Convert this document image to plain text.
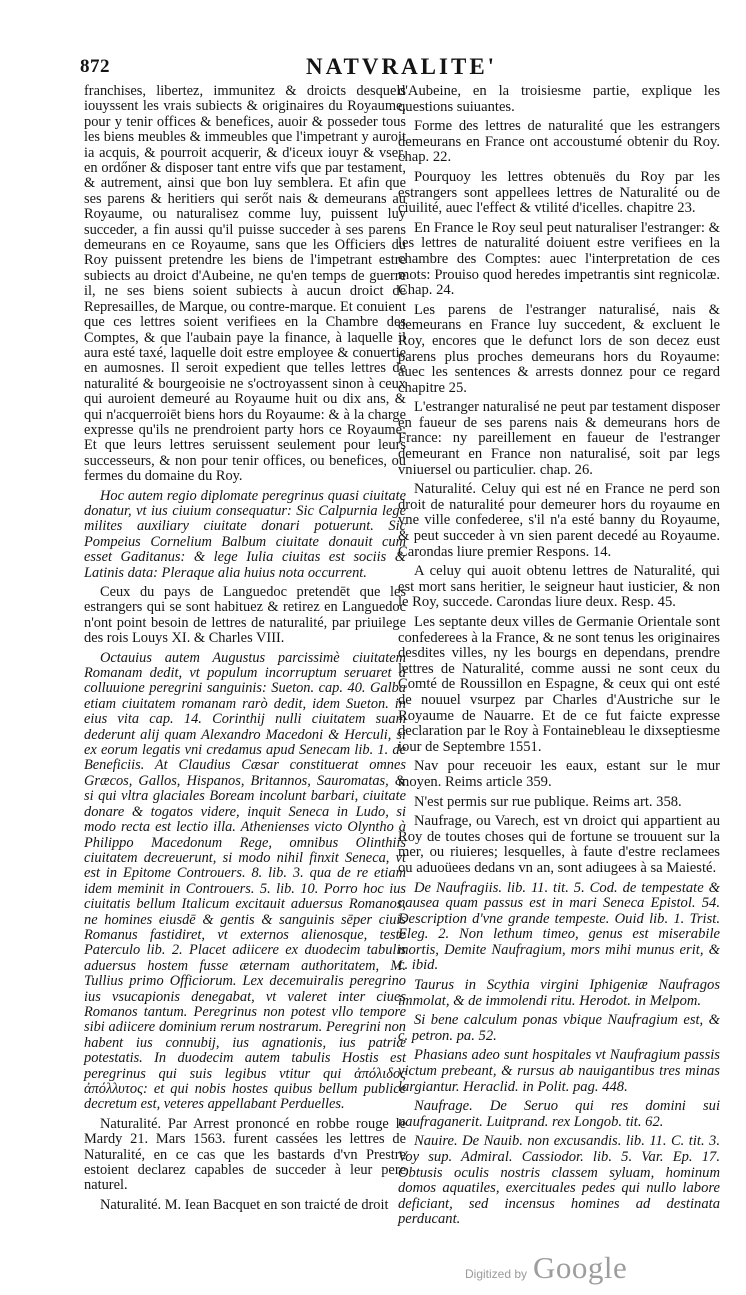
872	NATVRALITE'

franchises, libertez, immunitez & droicts desquels iouyssent les vrais subiects & originaires du Royaume, pour y tenir offices & benefices, auoir & posseder tous les biens meubles & immeubles que l'impetrant y auroit ia acquis, & pourroit acquerir, & d'iceux iouyr & vser, en ordőner & disposer tant entre vifs que par testament, & autrement, ainsi que bon luy semblera. Et afin que ses parens & heritiers qui serőt nais & demeurans au Royaume, ou naturalisez comme luy, puissent luy succeder, a fin aussi qu'il puisse succeder à ses parens demeurans en ce Royaume, sans que les Officiers du Roy puissent pretendre les biens de l'impetrant estre subiects au droict d'Aubeine, ne qu'en temps de guerre il, ne ses biens soient subiects à aucun droict de Represailles, de Marque, ou contre-marque. Et conuient que ces lettres soient verifiees en la Chambre des Comptes, & que l'aubain paye la finance, à laquelle il aura esté taxé, laquelle doit estre employee & conuertie en aumosnes. Il seroit expedient que telles lettres de naturalité & bourgeoisie ne s'octroyassent sinon à ceux qui auroient demeuré au Royaume huit ou dix ans, & qui n'acquerroiēt biens hors du Royaume: & à la charge expresse qu'ils ne prendroient party hors ce Royaume: Et que leurs lettres seruissent seulement pour leurs successeurs, & non pour tenir offices, ou benefices, ou fermes du domaine du Roy.

Hoc autem regio diplomate peregrinus quasi ciuitate donatur, vt ius ciuium consequatur: Sic Calpurnia lege milites auxiliary ciuitate donari potuerunt. Sic Pompeius Cornelium Balbum ciuitate donauit cum esset Gaditanus: & lege Iulia ciuitas est sociis & Latinis data: Pleraque alia huius nota occurrent.

Ceux du pays de Languedoc pretendēt que les estrangers qui se sont habituez & retirez en Languedoc n'ont point besoin de lettres de naturalité, par priuilege des rois Louys XI. & Charles VIII.

Octauius autem Augustus parcissimè ciuitatem Romanam dedit, vt populum incorruptum seruaret à colluuione peregrini sanguinis: Sueton. cap. 40. Galba etiam ciuitatem romanam rarò dedit, idem Sueton. in eius vita cap. 14. Corinthij nulli ciuitatem suam dederunt alij quam Alexandro Macedoni & Herculi, si ex eorum legatis vni credamus apud Senecam lib. 1. de Beneficiis. At Claudius Cæsar constituerat omnes Græcos, Gallos, Hispanos, Britannos, Sauromatas, & si qui vltra glaciales Boream incolunt barbari, ciuitate donare & togatos videre, inquit Seneca in Ludo, si modo recta est lectio illa. Athenienses victo Olyntho à Philippo Macedonum Rege, omnibus Olinthiis ciuitatem decreuerunt, si modo nihil finxit Seneca, vt est in Epitome Controuers. 8. lib. 3. qua de re etiam idem meminit in Controuers. 5. lib. 10. Porro hoc ius ciuitatis bellum Italicum excitauit aduersus Romanos, ne homines eiusdē & gentis & sanguinis sēper ciuis Romanus fastidiret, vt externos alienosque, teste Paterculo lib. 2. Placet adiicere ex duodecim tabulis aduersus hostem fusse æternam authoritatem, M. Tullius primo Officiorum. Lex decemuiralis peregrino ius vsucapionis denegabat, vt valeret inter ciues Romanos tantum. Peregrinus non potest vllo tempore sibi adiicere dominium rerum nostrarum. Peregrini non habent ius connubij, ius agnationis, ius patriæ potestatis. In duodecim autem tabulis Hostis est peregrinus qui suis legibus vtitur qui ἀπόλιδος ἀπόλλυτος: et qui nobis hostes quibus bellum publice decretum est, veteres appellabant Perduelles.

Naturalité. Par Arrest prononcé en robbe rouge le Mardy 21. Mars 1563. furent cassées les lettres de Naturalité, en ce cas que les bastards d'vn Prestre estoient declarez capables de succeder à leur pere naturel.

Naturalité. M. Iean Bacquet en son traicté de droit

d'Aubeine, en la troisiesme partie, explique les questions suiuantes.

Forme des lettres de naturalité que les estrangers demeurans en France ont accoustumé obtenir du Roy. chap. 22.

Pourquoy les lettres obtenuës du Roy par les estrangers sont appellees lettres de Naturalité ou de ciuilité, auec l'effect & vtilité d'icelles. chapitre 23.

En France le Roy seul peut naturaliser l'estranger: & les lettres de naturalité doiuent estre verifiees en la chambre des Comptes: auec l'interpretation de ces mots: Prouiso quod heredes impetrantis sint regnicolæ. Chap. 24.

Les parens de l'estranger naturalisé, nais & demeurans en France luy succedent, & excluent le Roy, encores que le defunct lors de son decez eust parens plus proches demeurans hors du Royaume: auec les sentences & arrests donnez pour ce regard chapitre 25.

L'estranger naturalisé ne peut par testament disposer en faueur de ses parens nais & demeurans hors de France: ny pareillement en faueur de l'estranger demeurant en France non naturalisé, soit par legs vniuersel ou particulier. chap. 26.

Naturalité. Celuy qui est né en France ne perd son droit de naturalité pour demeurer hors du royaume en vne ville confederee, s'il n'a esté banny du Royaume, & peut succeder à vn sien parent decedé au Royaume. Carondas liure premier Respons. 14.

A celuy qui auoit obtenu lettres de Naturalité, qui est mort sans heritier, le seigneur haut iusticier, & non le Roy, succede. Carondas liure deux. Resp. 45.

Les septante deux villes de Germanie Orientale sont confederees à la France, & ne sont tenus les originaires desdites villes, ny les bourgs en dependans, prendre lettres de Naturalité, comme aussi ne sont ceux du Comté de Roussillon en Espagne, & ceux qui ont esté de nouuel vsurpez par Charles d'Austriche sur le Royaume de Nauarre. Et de ce fut faicte expresse declaration par le Roy à Fontainebleau le dixseptiesme iour de Septembre 1551.

Nav pour receuoir les eaux, estant sur le mur moyen. Reims article 359.

N'est permis sur rue publique. Reims art. 358.

Naufrage, ou Varech, est vn droict qui appartient au Roy de toutes choses qui de fortune se trouuent sur la mer, ou riuieres; lesquelles, à faute d'estre reclamees ou aduoüees dedans vn an, sont adiugees à sa Maiesté.

De Naufragiis. lib. 11. tit. 5. Cod. de tempestate & nausea quam passus est in mari Seneca Epistol. 54. Description d'vne grande tempeste. Ouid lib. 1. Trist. Eleg. 2. Non lethum timeo, genus est miserabile mortis, Demite Naufragium, mors mihi munus erit, & c. ibid.

Taurus in Scythia virgini Iphigeniæ Naufragos immolat, & de immolendi ritu. Herodot. in Melpom.

Si bene calculum ponas vbique Naufragium est, & c. petron. pa. 52.

Phasians adeo sunt hospitales vt Naufragium passis victum prebeant, & rursus ab nauigantibus tres minas largiantur. Heraclid. in Polit. pag. 448.

Naufrage. De Seruo qui res domini sui naufraganerit. Luitprand. rex Longob. tit. 62.

Nauire. De Nauib. non excusandis. lib. 11. C. tit. 3. Voy sup. Admiral. Cassiodor. lib. 5. Var. Ep. 17. Obtusis oculis nostris classem syluam, hominum domos aquatiles, exercituales pedes qui nullo labore deficiant, sed incensus homines ad destinata perducant.

Digitized by Google
